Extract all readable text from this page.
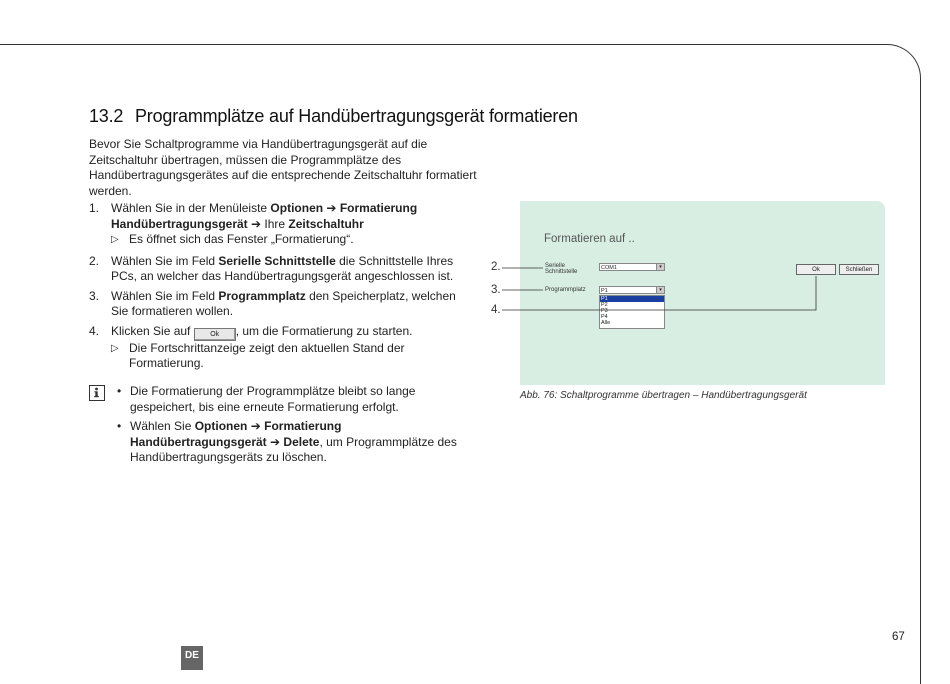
13.2 Programmplätze auf Handübertragungsgerät formatieren

Bevor Sie Schaltprogramme via Handübertragungsgerät auf die Zeitschaltuhr übertragen, müssen die Programmplätze des Handübertragungsgerätes auf die entsprechende Zeitschaltuhr formatiert werden.

1. Wählen Sie in der Menüleiste Optionen ➔ Formatierung Handübertragungsgerät ➔ Ihre Zeitschaltuhr
▷ Es öffnet sich das Fenster „Formatierung“.
2. Wählen Sie im Feld Serielle Schnittstelle die Schnittstelle Ihres PCs, an welcher das Handübertragungsgerät angeschlossen ist.
3. Wählen Sie im Feld Programmplatz den Speicherplatz, welchen Sie formatieren wollen.
4. Klicken Sie auf Ok , um die Formatierung zu starten.
▷ Die Fortschrittanzeige zeigt den aktuellen Stand der Formatierung.
• Die Formatierung der Programmplätze bleibt so lange gespeichert, bis eine erneute Formatierung erfolgt.
• Wählen Sie Optionen ➔ Formatierung Handübertragungsgerät ➔ Delete, um Programmplätze des Handübertragungsgeräts zu löschen.
Formatieren auf ..
Serielle Schnittstelle
COM1	▾
Programmplatz	P1	▾
P1
P2
P3
P4
Alle
Ok	Schließen
2.
3.
4.
Abb. 76: Schaltprogramme übertragen – Handübertragungsgerät
67
DE
